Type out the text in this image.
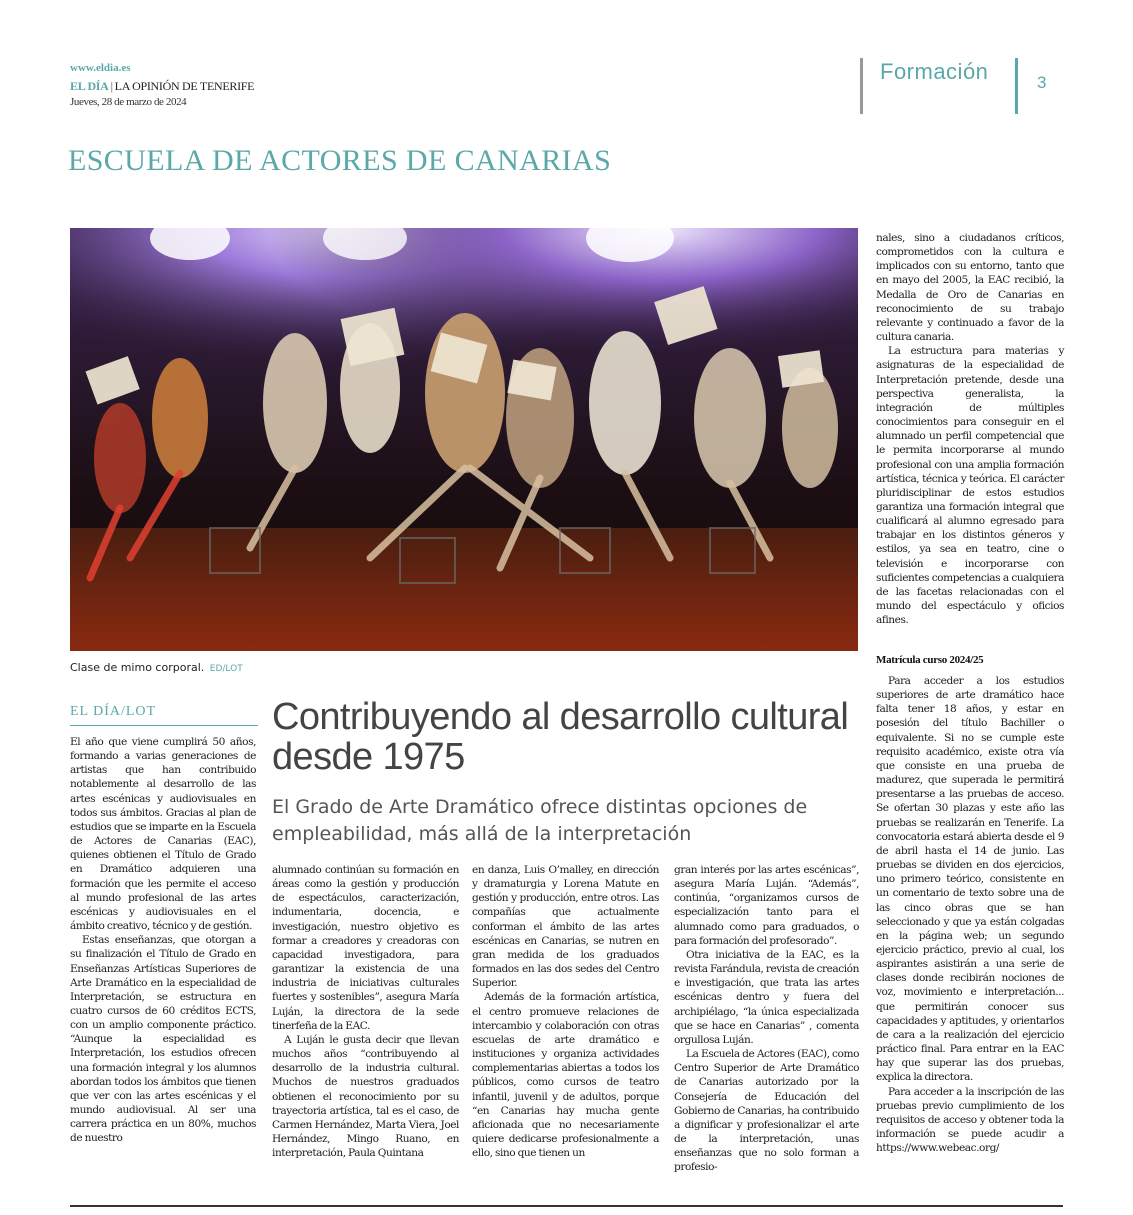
www.eldia.es
EL DÍA | LA OPINIÓN DE TENERIFE
Jueves, 28 de marzo de 2024
Formación	3
ESCUELA DE ACTORES DE CANARIAS
Clase de mimo corporal. ED/LOT
EL DÍA/LOT	Contribuyendo al desarrollo cultural desde 1975
El Grado de Arte Dramático ofrece distintas opciones de empleabilidad, más allá de la interpretación

El año que viene cumplirá 50 años, formando a varias generaciones de artistas que han contribuido notablemente al desarrollo de las artes escénicas y audiovisuales en todos sus ámbitos. Gracias al plan de estudios que se imparte en la Escuela de Actores de Canarias (EAC), quienes obtienen el Título de Grado en Dramático adquieren una formación que les permite el acceso al mundo profesional de las artes escénicas y audiovisuales en el ámbito creativo, técnico y de gestión.

Estas enseñanzas, que otorgan a su finalización el Título de Grado en Enseñanzas Artísticas Superiores de Arte Dramático en la especialidad de Interpretación, se estructura en cuatro cursos de 60 créditos ECTS, con un amplio componente práctico. “Aunque la especialidad es Interpretación, los estudios ofrecen una formación integral y los alumnos abordan todos los ámbitos que tienen que ver con las artes escénicas y el mundo audiovisual. Al ser una carrera práctica en un 80%, muchos de nuestro

alumnado continúan su formación en áreas como la gestión y producción de espectáculos, caracterización, indumentaria, docencia, e investigación, nuestro objetivo es formar a creadores y creadoras con capacidad investigadora, para garantizar la existencia de una industria de iniciativas culturales fuertes y sostenibles”, asegura María Luján, la directora de la sede tinerfeña de la EAC.

A Luján le gusta decir que llevan muchos años “contribuyendo al desarrollo de la industria cultural. Muchos de nuestros graduados obtienen el reconocimiento por su trayectoria artística, tal es el caso, de Carmen Hernández, Marta Viera, Joel Hernández, Mingo Ruano, en interpretación, Paula Quintana

en danza, Luis O’malley, en dirección y dramaturgia y Lorena Matute en gestión y producción, entre otros. Las compañías que actualmente conforman el ámbito de las artes escénicas en Canarias, se nutren en gran medida de los graduados formados en las dos sedes del Centro Superior.

Además de la formación artística, el centro promueve relaciones de intercambio y colaboración con otras escuelas de arte dramático e instituciones y organiza actividades complementarias abiertas a todos los públicos, como cursos de teatro infantil, juvenil y de adultos, porque “en Canarias hay mucha gente aficionada que no necesariamente quiere dedicarse profesionalmente a ello, sino que tienen un

gran interés por las artes escénicas”, asegura María Luján. “Además”, continúa, “organizamos cursos de especialización tanto para el alumnado como para graduados, o para formación del profesorado”.

Otra iniciativa de la EAC, es la revista Farándula, revista de creación e investigación, que trata las artes escénicas dentro y fuera del archipiélago, “la única especializada que se hace en Canarias” , comenta orgullosa Luján.

La Escuela de Actores (EAC), como Centro Superior de Arte Dramático de Canarias autorizado por la Consejería de Educación del Gobierno de Canarias, ha contribuido a dignificar y profesionalizar el arte de la interpretación, unas enseñanzas que no solo forman a profesio-

nales, sino a ciudadanos críticos, comprometidos con la cultura e implicados con su entorno, tanto que en mayo del 2005, la EAC recibió, la Medalla de Oro de Canarias en reconocimiento de su trabajo relevante y continuado a favor de la cultura canaria.

La estructura para materias y asignaturas de la especialidad de Interpretación pretende, desde una perspectiva generalista, la integración de múltiples conocimientos para conseguir en el alumnado un perfil competencial que le permita incorporarse al mundo profesional con una amplia formación artística, técnica y teórica. El carácter pluridisciplinar de estos estudios garantiza una formación integral que cualificará al alumno egresado para trabajar en los distintos géneros y estilos, ya sea en teatro, cine o televisión e incorporarse con suficientes competencias a cualquiera de las facetas relacionadas con el mundo del espectáculo y oficios afines.

Matrícula curso 2024/25

Para acceder a los estudios superiores de arte dramático hace falta tener 18 años, y estar en posesión del título Bachiller o equivalente. Si no se cumple este requisito académico, existe otra vía que consiste en una prueba de madurez, que superada le permitirá presentarse a las pruebas de acceso. Se ofertan 30 plazas y este año las pruebas se realizarán en Tenerife. La convocatoria estará abierta desde el 9 de abril hasta el 14 de junio. Las pruebas se dividen en dos ejercicios, uno primero teórico, consistente en un comentario de texto sobre una de las cinco obras que se han seleccionado y que ya están colgadas en la página web; un segundo ejercicio práctico, previo al cual, los aspirantes asistirán a una serie de clases donde recibirán nociones de voz, movimiento e interpretación... que permitirán conocer sus capacidades y aptitudes, y orientarlos de cara a la realización del ejercicio práctico final. Para entrar en la EAC hay que superar las dos pruebas, explica la directora.

Para acceder a la inscripción de las pruebas previo cumplimiento de los requisitos de acceso y obtener toda la información se puede acudir a https://www.webeac.org/
